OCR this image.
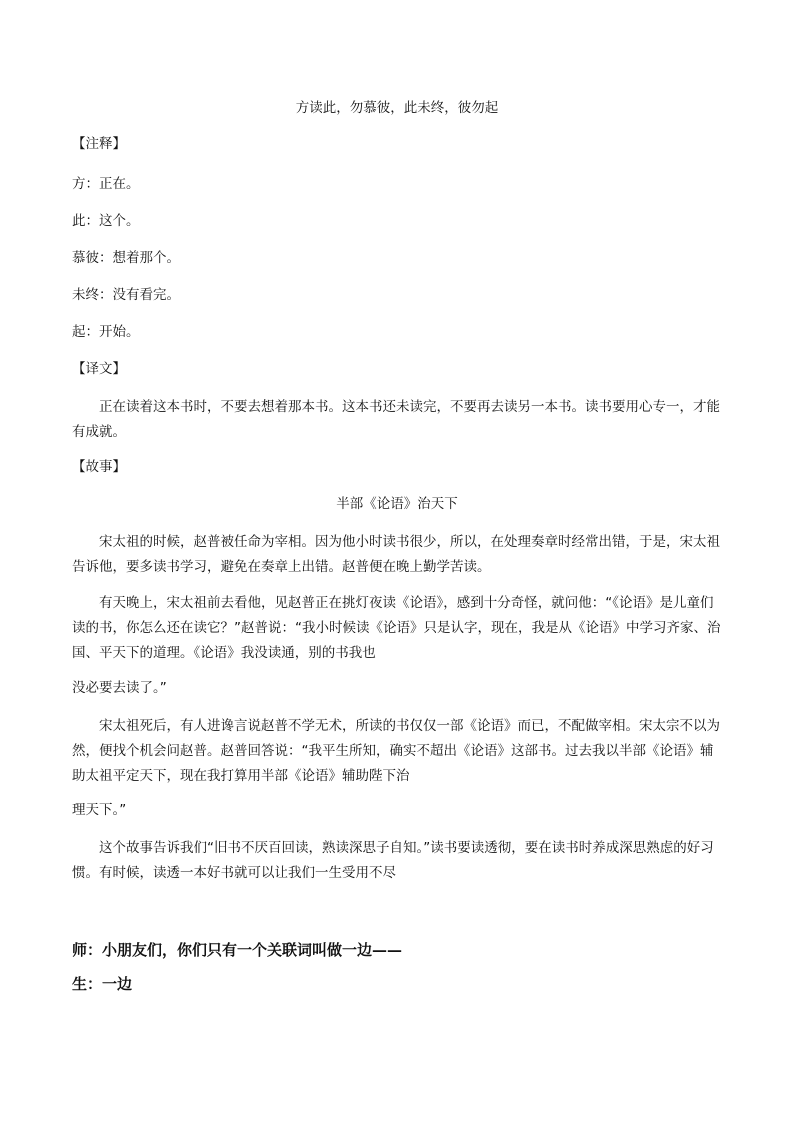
方读此，勿慕彼，此未终，彼勿起
【注释】
方：正在。
此：这个。
慕彼：想着那个。
未终：没有看完。
起：开始。
【译文】
正在读着这本书时，不要去想着那本书。这本书还未读完，不要再去读另一本书。读书要用心专一，才能有成就。
【故事】
半部《论语》治天下
宋太祖的时候，赵普被任命为宰相。因为他小时读书很少，所以，在处理奏章时经常出错，于是，宋太祖告诉他，要多读书学习，避免在奏章上出错。赵普便在晚上勤学苦读。
有天晚上，宋太祖前去看他，见赵普正在挑灯夜读《论语》，感到十分奇怪，就问他：“《论语》是儿童们读的书，你怎么还在读它？”赵普说：“我小时候读《论语》只是认字，现在，我是从《论语》中学习齐家、治国、平天下的道理。《论语》我没读通，别的书我也
没必要去读了。”
宋太祖死后，有人进谗言说赵普不学无术，所读的书仅仅一部《论语》而已，不配做宰相。宋太宗不以为然，便找个机会问赵普。赵普回答说：“我平生所知，确实不超出《论语》这部书。过去我以半部《论语》辅助太祖平定天下，现在我打算用半部《论语》辅助陛下治
理天下。”
这个故事告诉我们“旧书不厌百回读，熟读深思子自知。”读书要读透彻，要在读书时养成深思熟虑的好习惯。有时候，读透一本好书就可以让我们一生受用不尽
师：小朋友们，你们只有一个关联词叫做一边——
生：一边
